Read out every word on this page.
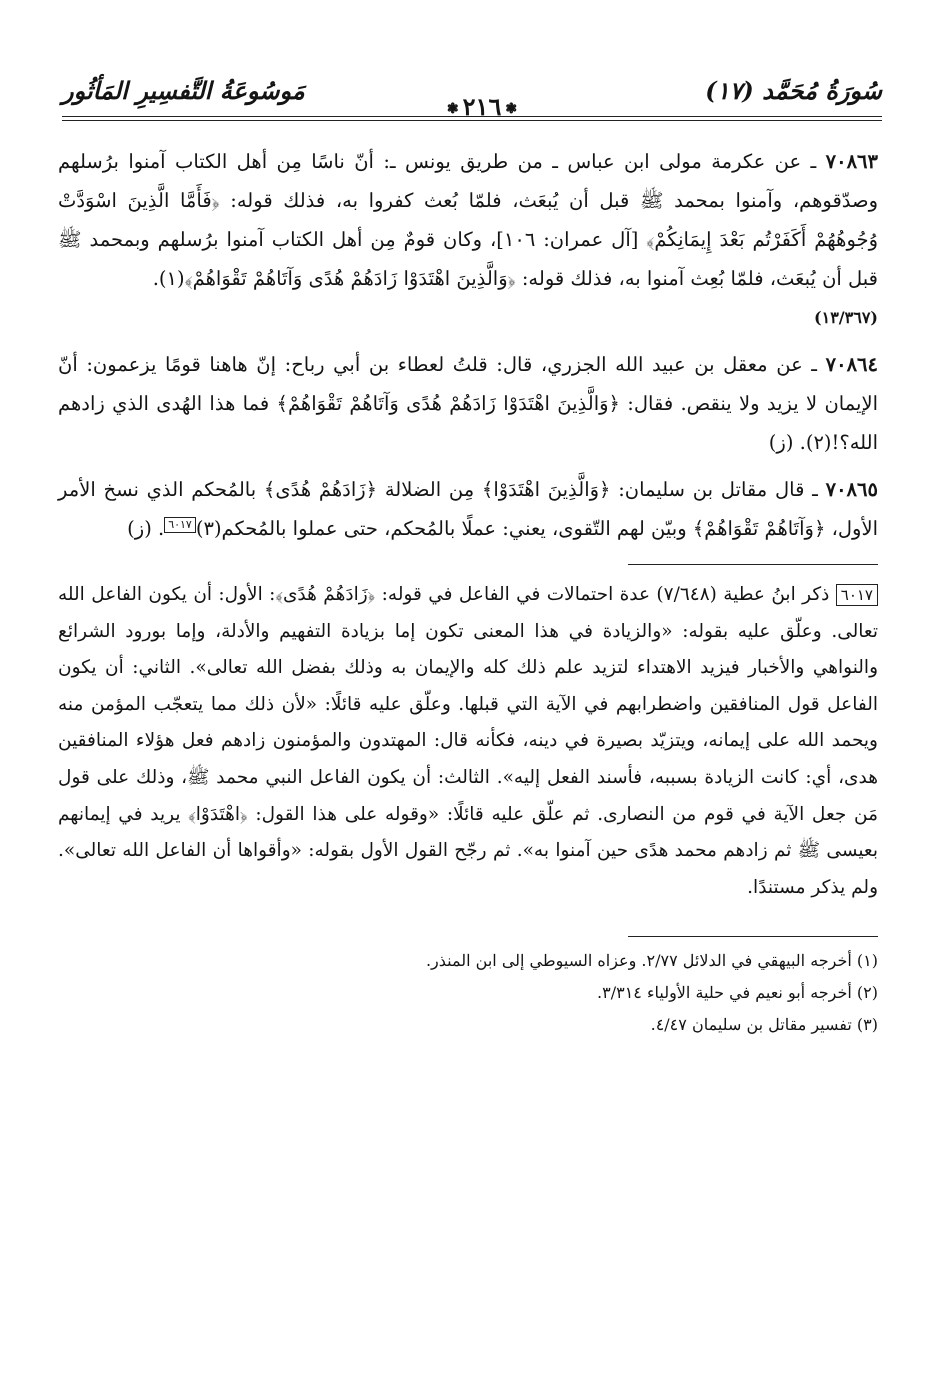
سُورَةُ مُحَمَّد (١٧)
❃٢١٦❃
مَوسُوعَةُ التَّفسِيرِ المَأثُور

٧٠٨٦٣ ـ عن عكرمة مولى ابن عباس ـ من طريق يونس ـ: أنّ ناسًا مِن أهل الكتاب آمنوا برُسلهم وصدّقوهم، وآمنوا بمحمد ﷺ قبل أن يُبعَث، فلمّا بُعث كفروا به، فذلك قوله: ﴿فَأَمَّا الَّذِينَ اسْوَدَّتْ وُجُوهُهُمْ أَكَفَرْتُم بَعْدَ إِيمَانِكُمْ﴾ [آل عمران: ١٠٦]، وكان قومٌ مِن أهل الكتاب آمنوا برُسلهم وبمحمد ﷺ قبل أن يُبعَث، فلمّا بُعِث آمنوا به، فذلك قوله: ﴿وَالَّذِينَ اهْتَدَوْا زَادَهُمْ هُدًى وَآتَاهُمْ تَقْوَاهُمْ﴾(١).
(١٣/٣٦٧)

٧٠٨٦٤ ـ عن معقل بن عبيد الله الجزري، قال: قلتُ لعطاء بن أبي رباح: إنّ هاهنا قومًا يزعمون: أنّ الإيمان لا يزيد ولا ينقص. فقال: ﴿وَالَّذِينَ اهْتَدَوْا زَادَهُمْ هُدًى وَآتَاهُمْ تَقْوَاهُمْ﴾ فما هذا الهُدى الذي زادهم الله؟!(٢). (ز)

٧٠٨٦٥ ـ قال مقاتل بن سليمان: ﴿وَالَّذِينَ اهْتَدَوْا﴾ مِن الضلالة ﴿زَادَهُمْ هُدًى﴾ بالمُحكم الذي نسخ الأمر الأول، ﴿وَآتَاهُمْ تَقْوَاهُمْ﴾ وبيّن لهم التّقوى، يعني: عملًا بالمُحكم، حتى عملوا بالمُحكم(٣)٦٠١٧. (ز)

٦٠١٧ ذكر ابنُ عطية (٧/٦٤٨) عدة احتمالات في الفاعل في قوله: ﴿زَادَهُمْ هُدًى﴾: الأول: أن يكون الفاعل الله تعالى. وعلّق عليه بقوله: «والزيادة في هذا المعنى تكون إما بزيادة التفهيم والأدلة، وإما بورود الشرائع والنواهي والأخبار فيزيد الاهتداء لتزيد علم ذلك كله والإيمان به وذلك بفضل الله تعالى». الثاني: أن يكون الفاعل قول المنافقين واضطرابهم في الآية التي قبلها. وعلّق عليه قائلًا: «لأن ذلك مما يتعجّب المؤمن منه ويحمد الله على إيمانه، ويتزيّد بصيرة في دينه، فكأنه قال: المهتدون والمؤمنون زادهم فعل هؤلاء المنافقين هدى، أي: كانت الزيادة بسببه، فأسند الفعل إليه». الثالث: أن يكون الفاعل النبي محمد ﷺ، وذلك على قول مَن جعل الآية في قوم من النصارى. ثم علّق عليه قائلًا: «وقوله على هذا القول: ﴿اهْتَدَوْا﴾ يريد في إيمانهم بعيسى ﷺ ثم زادهم محمد هدًى حين آمنوا به». ثم رجّح القول الأول بقوله: «وأقواها أن الفاعل الله تعالى». ولم يذكر مستندًا.

(١) أخرجه البيهقي في الدلائل ٢/٧٧. وعزاه السيوطي إلى ابن المنذر.

(٢) أخرجه أبو نعيم في حلية الأولياء ٣/٣١٤.

(٣) تفسير مقاتل بن سليمان ٤/٤٧.
